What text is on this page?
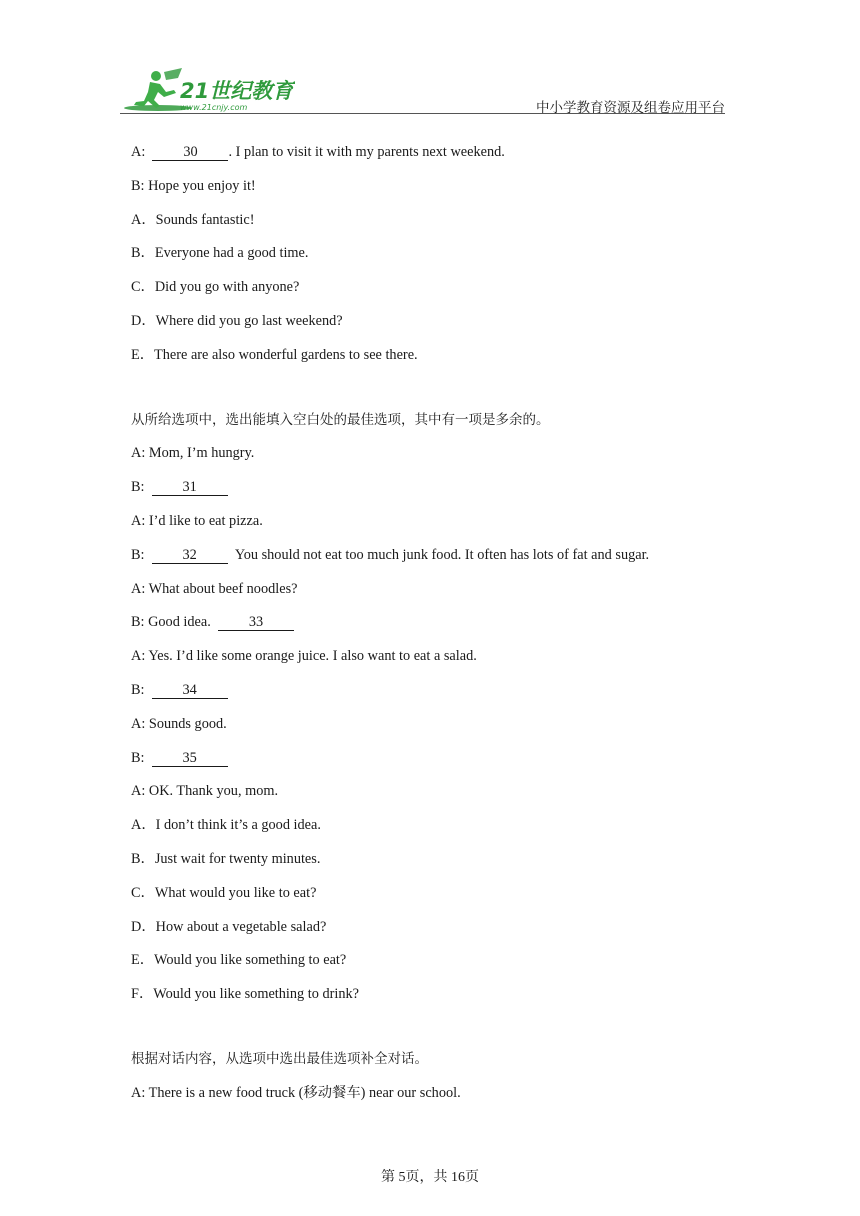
21世纪教育
www.21cnjy.com	中小学教育资源及组卷应用平台
A:	30 . I plan to visit it with my parents next weekend.
B: Hope you enjoy it!
A．Sounds fantastic!
B．Everyone had a good time.
C．Did you go with anyone?
D．Where did you go last weekend?
E．There are also wonderful gardens to see there.
从所给选项中，选出能填入空白处的最佳选项，其中有一项是多余的。
A: Mom, I’m hungry.
B:	31
A: I’d like to eat pizza.
B:	32	You should not eat too much junk food. It often has lots of fat and sugar.
A: What about beef noodles?
B: Good idea.	33
A: Yes. I’d like some orange juice. I also want to eat a salad.
B:	34
A: Sounds good.
B:	35
A: OK. Thank you, mom.
A．I don’t think it’s a good idea.
B．Just wait for twenty minutes.
C．What would you like to eat?
D．How about a vegetable salad?
E．Would you like something to eat?
F．Would you like something to drink?
根据对话内容，从选项中选出最佳选项补全对话。
A: There is a new food truck (移动餐车) near our school.
第 5页，共 16页
